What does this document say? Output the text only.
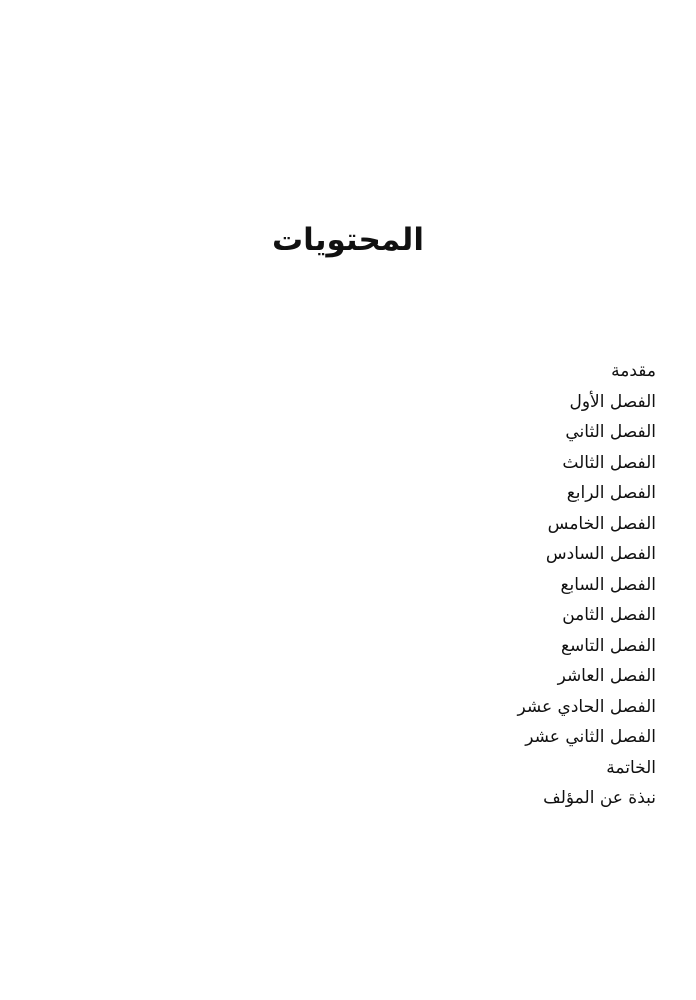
المحتويات
مقدمة
الفصل الأول
الفصل الثاني
الفصل الثالث
الفصل الرابع
الفصل الخامس
الفصل السادس
الفصل السابع
الفصل الثامن
الفصل التاسع
الفصل العاشر
الفصل الحادي عشر
الفصل الثاني عشر
الخاتمة
نبذة عن المؤلف
